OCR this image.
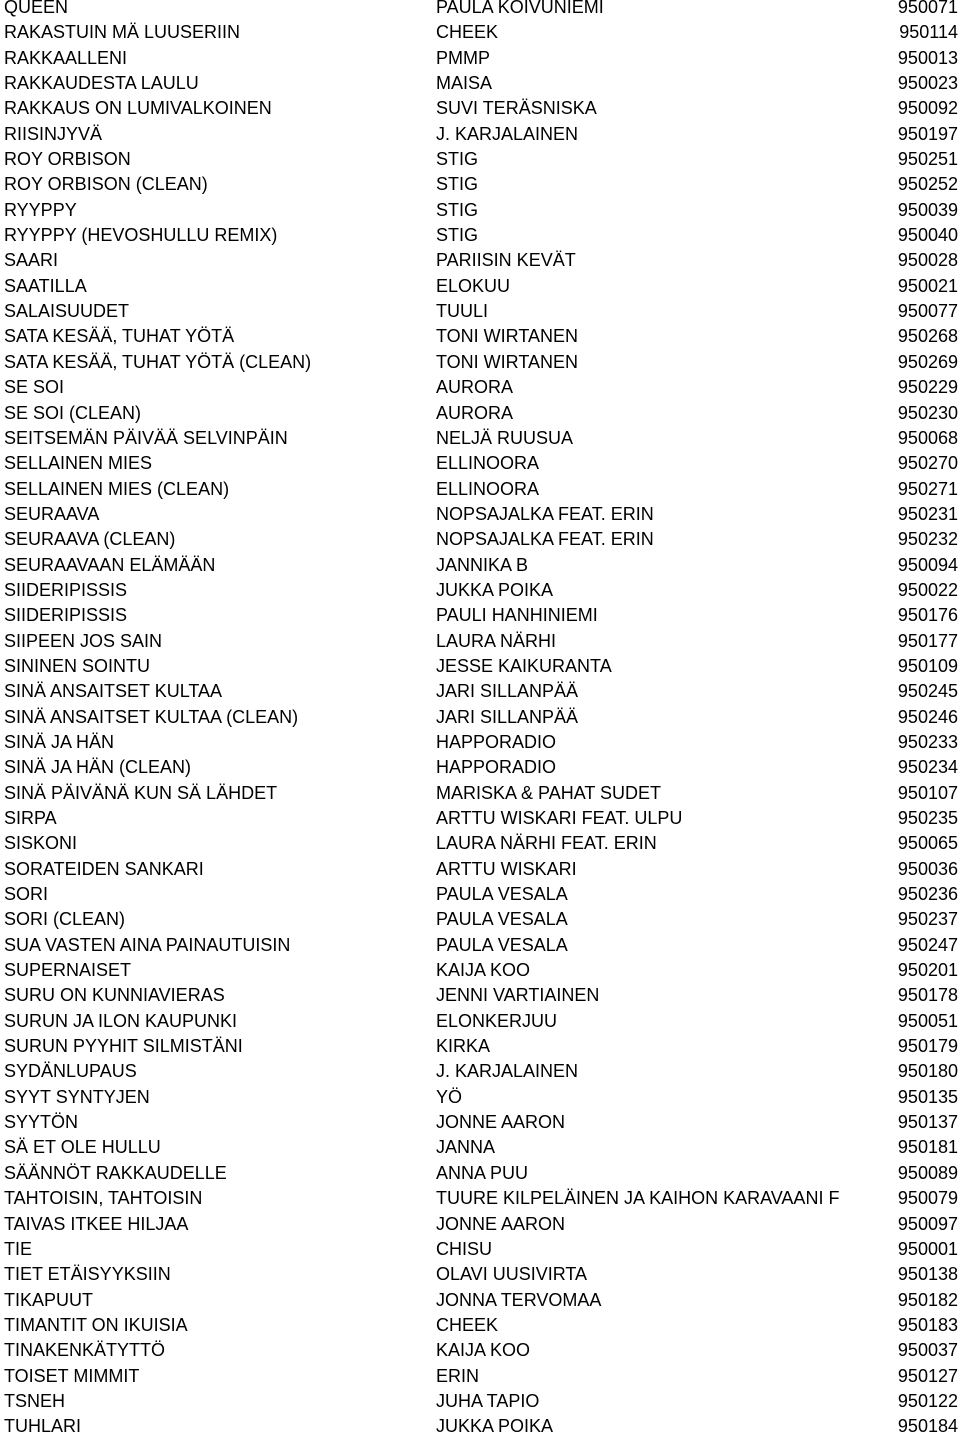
QUEEN	PAULA KOIVUNIEMI	950071
RAKASTUIN MÄ LUUSERIIN	CHEEK	950114
RAKKAALLENI	PMMP	950013
RAKKAUDESTA LAULU	MAISA	950023
RAKKAUS ON LUMIVALKOINEN	SUVI TERÄSNISKA	950092
RIISINJYVÄ	J. KARJALAINEN	950197
ROY ORBISON	STIG	950251
ROY ORBISON (CLEAN)	STIG	950252
RYYPPY	STIG	950039
RYYPPY (HEVOSHULLU REMIX)	STIG	950040
SAARI	PARIISIN KEVÄT	950028
SAATILLA	ELOKUU	950021
SALAISUUDET	TUULI	950077
SATA KESÄÄ, TUHAT YÖTÄ	TONI WIRTANEN	950268
SATA KESÄÄ, TUHAT YÖTÄ (CLEAN)	TONI WIRTANEN	950269
SE SOI	AURORA	950229
SE SOI (CLEAN)	AURORA	950230
SEITSEMÄN PÄIVÄÄ SELVINPÄIN	NELJÄ RUUSUA	950068
SELLAINEN MIES	ELLINOORA	950270
SELLAINEN MIES (CLEAN)	ELLINOORA	950271
SEURAAVA	NOPSAJALKA FEAT. ERIN	950231
SEURAAVA (CLEAN)	NOPSAJALKA FEAT. ERIN	950232
SEURAAVAAN ELÄMÄÄN	JANNIKA B	950094
SIIDERIPISSIS	JUKKA POIKA	950022
SIIDERIPISSIS	PAULI HANHINIEMI	950176
SIIPEEN JOS SAIN	LAURA NÄRHI	950177
SININEN SOINTU	JESSE KAIKURANTA	950109
SINÄ ANSAITSET KULTAA	JARI SILLANPÄÄ	950245
SINÄ ANSAITSET KULTAA (CLEAN)	JARI SILLANPÄÄ	950246
SINÄ JA HÄN	HAPPORADIO	950233
SINÄ JA HÄN (CLEAN)	HAPPORADIO	950234
SINÄ PÄIVÄNÄ KUN SÄ LÄHDET	MARISKA & PAHAT SUDET	950107
SIRPA	ARTTU WISKARI FEAT. ULPU	950235
SISKONI	LAURA NÄRHI FEAT. ERIN	950065
SORATEIDEN SANKARI	ARTTU WISKARI	950036
SORI	PAULA VESALA	950236
SORI (CLEAN)	PAULA VESALA	950237
SUA VASTEN AINA PAINAUTUISIN	PAULA VESALA	950247
SUPERNAISET	KAIJA KOO	950201
SURU ON KUNNIAVIERAS	JENNI VARTIAINEN	950178
SURUN JA ILON KAUPUNKI	ELONKERJUU	950051
SURUN PYYHIT SILMISTÄNI	KIRKA	950179
SYDÄNLUPAUS	J. KARJALAINEN	950180
SYYT SYNTYJEN	YÖ	950135
SYYTÖN	JONNE AARON	950137
SÄ ET OLE HULLU	JANNA	950181
SÄÄNNÖT RAKKAUDELLE	ANNA PUU	950089
TAHTOISIN, TAHTOISIN	TUURE KILPELÄINEN JA KAIHON KARAVAANI F	950079
TAIVAS ITKEE HILJAA	JONNE AARON	950097
TIE	CHISU	950001
TIET ETÄISYYKSIIN	OLAVI UUSIVIRTA	950138
TIKAPUUT	JONNA TERVOMAA	950182
TIMANTIT ON IKUISIA	CHEEK	950183
TINAKENKÄTYTTÖ	KAIJA KOO	950037
TOISET MIMMIT	ERIN	950127
TSNEH	JUHA TAPIO	950122
TUHLARI	JUKKA POIKA	950184
